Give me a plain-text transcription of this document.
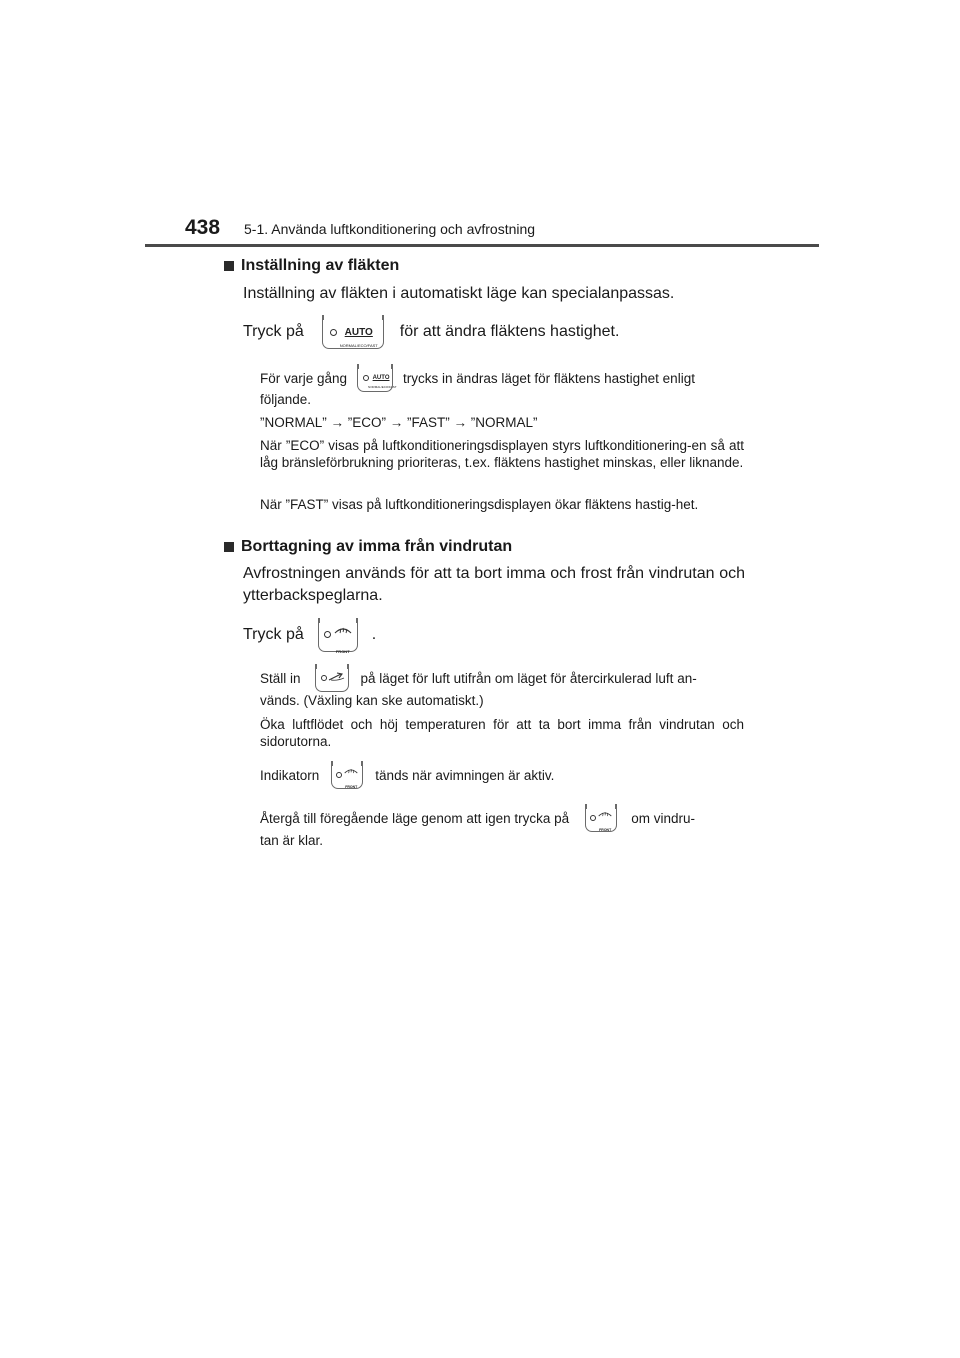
438 5-1. Använda luftkonditionering och avfrostning
Inställning av fläkten
Inställning av fläkten i automatiskt läge kan specialanpassas.
Tryck på	AUTO
NORMAL/ECO/FAST
för att ändra fläktens hastighet.
För varje gång	AUTO
NORMAL/ECO/FAST
trycks in ändras läget för fläktens hastighet enligt
följande.
”NORMAL” → ”ECO” → ”FAST” → ”NORMAL”
När ”ECO” visas på luftkonditioneringsdisplayen styrs luftkonditionering-en så att låg bränsleförbrukning prioriteras, t.ex. fläktens hastighet minskas, eller liknande.
När ”FAST” visas på luftkonditioneringsdisplayen ökar fläktens hastig-het.
Borttagning av imma från vindrutan
Avfrostningen används för att ta bort imma och frost från vindrutan och ytterbackspeglarna.
Tryck på
FRONT
.
Ställ in	på läget för luft utifrån om läget för återcirkulerad luft an-
vänds. (Växling kan ske automatiskt.)
Öka luftflödet och höj temperaturen för att ta bort imma från vindrutan och sidorutorna.
Indikatorn
FRONT
tänds när avimningen är aktiv.
Återgå till föregående läge genom att igen trycka på
FRONT
om vindru-
tan är klar.
